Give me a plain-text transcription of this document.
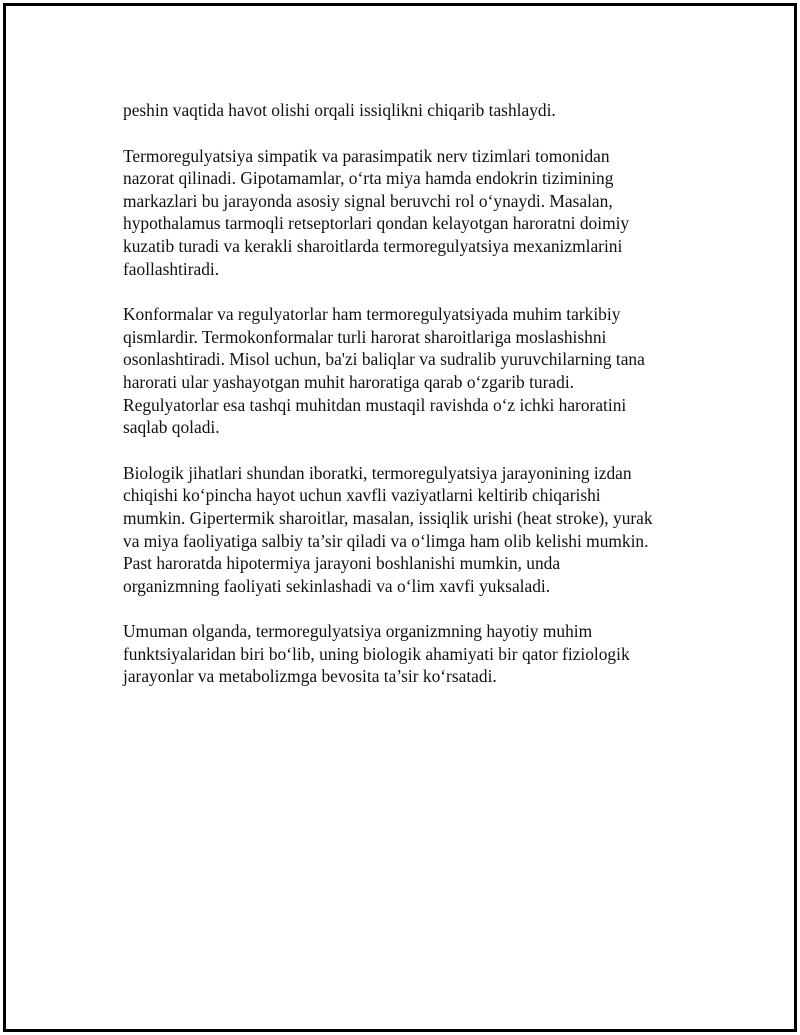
peshin vaqtida havot olishi orqali issiqlikni chiqarib tashlaydi.

Termoregulyatsiya simpatik va parasimpatik nerv tizimlari tomonidan
nazorat qilinadi. Gipotamamlar, o‘rta miya hamda endokrin tizimining
markazlari bu jarayonda asosiy signal beruvchi rol o‘ynaydi. Masalan,
hypothalamus tarmoqli retseptorlari qondan kelayotgan haroratni doimiy
kuzatib turadi va kerakli sharoitlarda termoregulyatsiya mexanizmlarini
faollashtiradi.

Konformalar va regulyatorlar ham termoregulyatsiyada muhim tarkibiy
qismlardir. Termokonformalar turli harorat sharoitlariga moslashishni
osonlashtiradi. Misol uchun, ba'zi baliqlar va sudralib yuruvchilarning tana
harorati ular yashayotgan muhit haroratiga qarab o‘zgarib turadi.
Regulyatorlar esa tashqi muhitdan mustaqil ravishda o‘z ichki haroratini
saqlab qoladi.

Biologik jihatlari shundan iboratki, termoregulyatsiya jarayonining izdan
chiqishi ko‘pincha hayot uchun xavfli vaziyatlarni keltirib chiqarishi
mumkin. Gipertermik sharoitlar, masalan, issiqlik urishi (heat stroke), yurak
va miya faoliyatiga salbiy ta’sir qiladi va o‘limga ham olib kelishi mumkin.
Past haroratda hipotermiya jarayoni boshlanishi mumkin, unda
organizmning faoliyati sekinlashadi va o‘lim xavfi yuksaladi.

Umuman olganda, termoregulyatsiya organizmning hayotiy muhim
funktsiyalaridan biri bo‘lib, uning biologik ahamiyati bir qator fiziologik
jarayonlar va metabolizmga bevosita ta’sir ko‘rsatadi.
